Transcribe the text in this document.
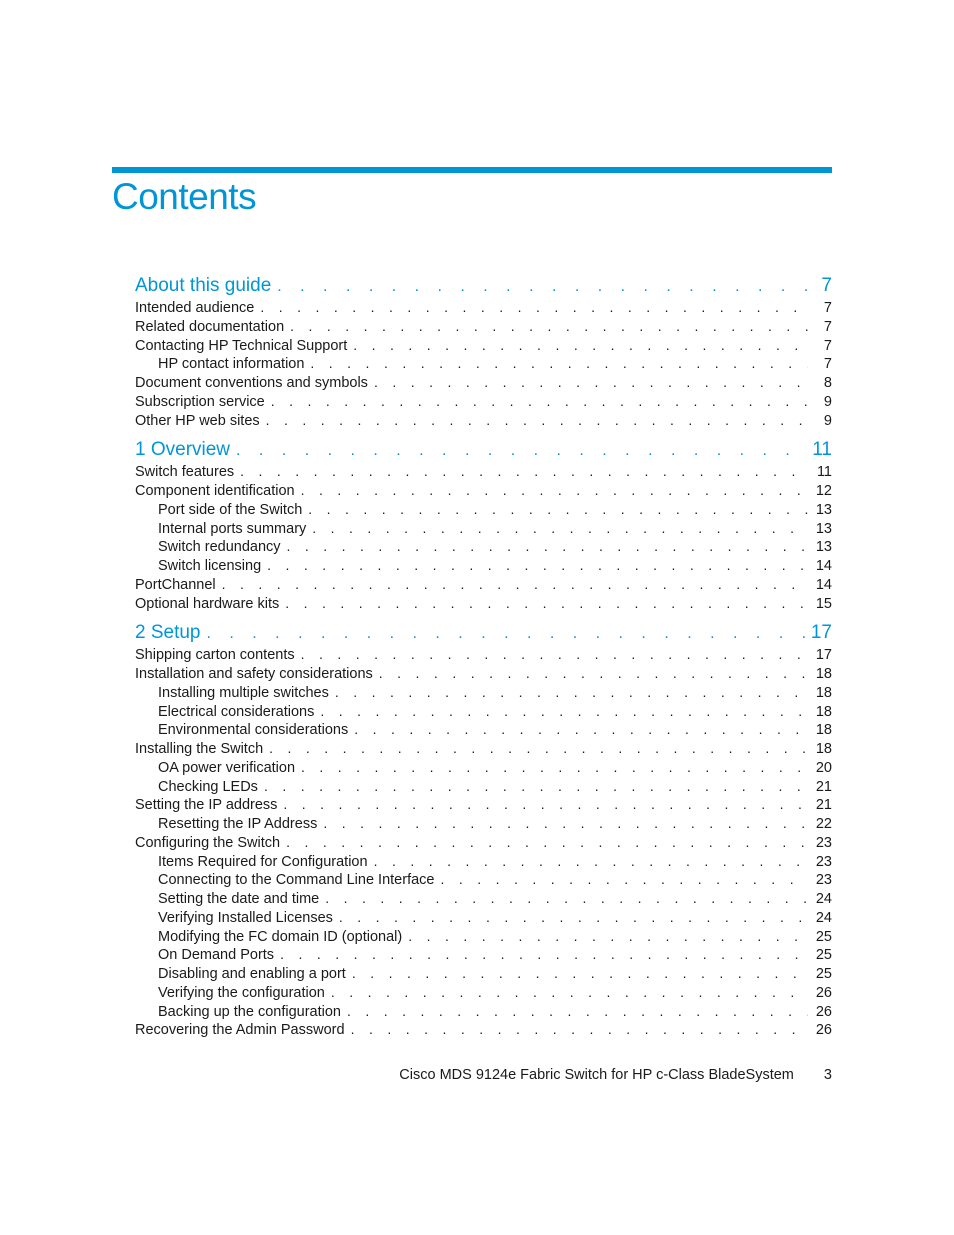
Contents
About this guide . . .	7
Intended audience . . .	7
Related documentation . . .	7
Contacting HP Technical Support . . .	7
HP contact information . . .	7
Document conventions and symbols . . .	8
Subscription service . . .	9
Other HP web sites . . .	9
1 Overview . . .	11
Switch features . . .	11
Component identification . . .	12
Port side of the Switch . . .	13
Internal ports summary . . .	13
Switch redundancy . . .	13
Switch licensing . . .	14
PortChannel . . .	14
Optional hardware kits . . .	15
2 Setup . . .	17
Shipping carton contents . . .	17
Installation and safety considerations . . .	18
Installing multiple switches . . .	18
Electrical considerations . . .	18
Environmental considerations . . .	18
Installing the Switch . . .	18
OA power verification . . .	20
Checking LEDs . . .	21
Setting the IP address . . .	21
Resetting the IP Address . . .	22
Configuring the Switch . . .	23
Items Required for Configuration . . .	23
Connecting to the Command Line Interface . . .	23
Setting the date and time . . .	24
Verifying Installed Licenses . . .	24
Modifying the FC domain ID (optional) . . .	25
On Demand Ports . . .	25
Disabling and enabling a port . . .	25
Verifying the configuration . . .	26
Backing up the configuration . . .	26
Recovering the Admin Password . . .	26
Cisco MDS 9124e Fabric Switch for HP c-Class BladeSystem 3
